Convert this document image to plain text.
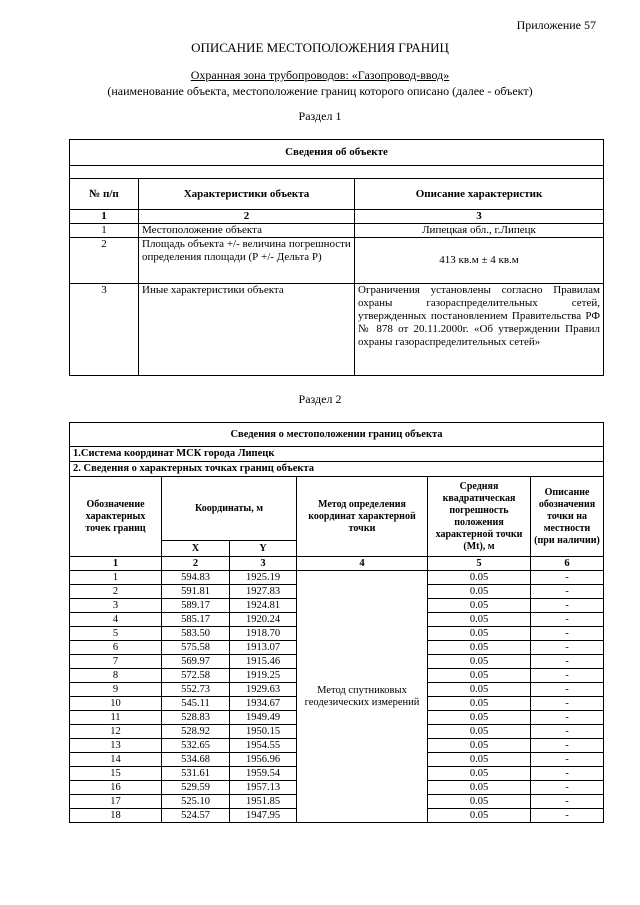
Приложение 57
ОПИСАНИЕ МЕСТОПОЛОЖЕНИЯ ГРАНИЦ
Охранная зона трубопроводов: «Газопровод-ввод»
(наименование объекта, местоположение границ которого описано (далее - объект)
Раздел 1
Сведения об объекте		

№ п/п	Характеристики объекта	Описание характеристик
1	2	3
1	Местоположение объекта	Липецкая обл., г.Липецк
2	Площадь объекта +/- величина погрешности определения площади (Р +/- Дельта Р)	413 кв.м ± 4 кв.м
3	Иные характеристики объекта	Ограничения установлены согласно Правилам охраны газораспределительных сетей, утвержденных постановлением Правительства РФ № 878 от 20.11.2000г. «Об утверждении Правил охраны газораспределительных сетей»
Раздел 2
Сведения о местоположении границ объекта					
1.Система координат МСК города Липецк					
2. Сведения о характерных точках границ объекта					
Обозначение характерных точек границ	Координаты, м		Метод определения координат характерной точки	Средняя квадратическая погрешность положения характерной точки (Mt), м	Описание обозначения точки на местности (при наличии)
	X	Y			
1	2	3	4	5	6
1	594.83	1925.19	Метод спутниковых геодезических измерений	0.05	-
2	591.81	1927.83		0.05	-
3	589.17	1924.81		0.05	-
4	585.17	1920.24		0.05	-
5	583.50	1918.70		0.05	-
6	575.58	1913.07		0.05	-
7	569.97	1915.46		0.05	-
8	572.58	1919.25		0.05	-
9	552.73	1929.63		0.05	-
10	545.11	1934.67		0.05	-
11	528.83	1949.49		0.05	-
12	528.92	1950.15		0.05	-
13	532.65	1954.55		0.05	-
14	534.68	1956.96		0.05	-
15	531.61	1959.54		0.05	-
16	529.59	1957.13		0.05	-
17	525.10	1951.85		0.05	-
18	524.57	1947.95		0.05	-
